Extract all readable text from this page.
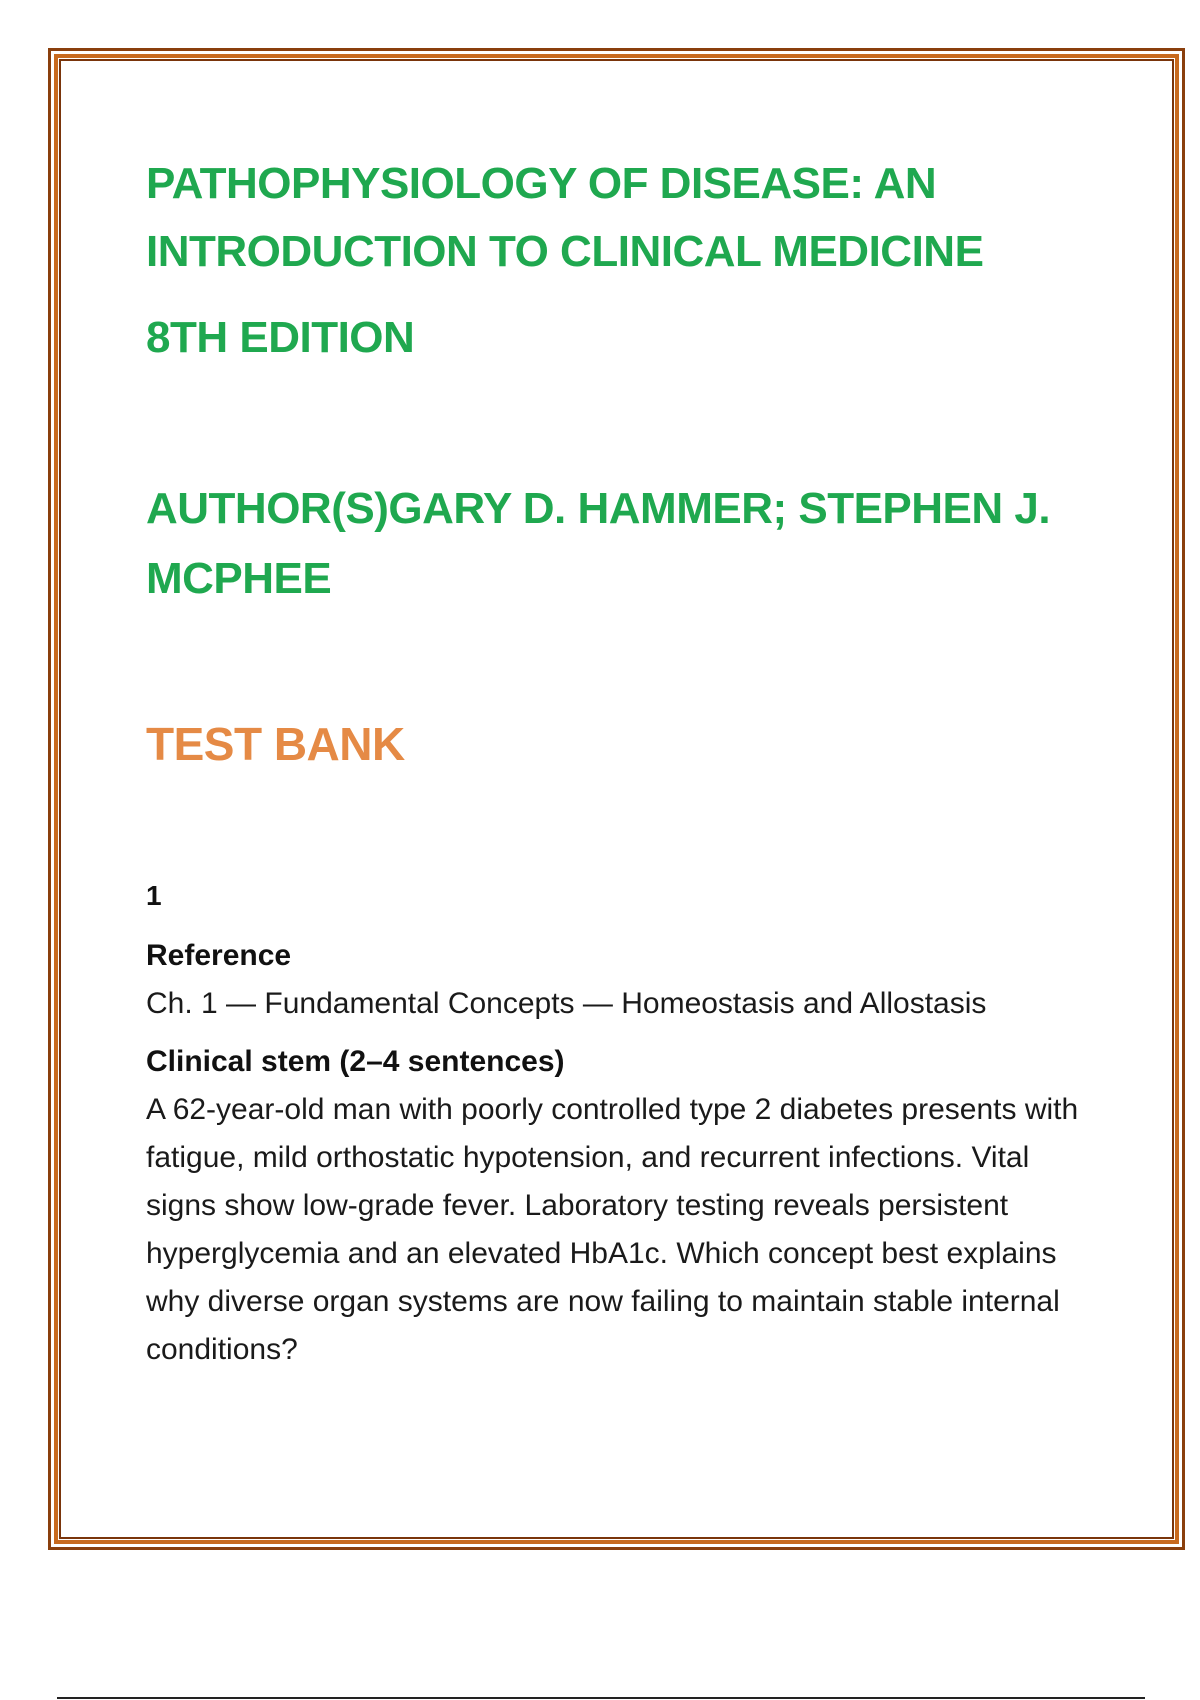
PATHOPHYSIOLOGY OF DISEASE: AN INTRODUCTION TO CLINICAL MEDICINE

8TH EDITION

AUTHOR(S)GARY D. HAMMER; STEPHEN J. MCPHEE

TEST BANK

1

Reference

Ch. 1 — Fundamental Concepts — Homeostasis and Allostasis

Clinical stem (2–4 sentences)

A 62-year-old man with poorly controlled type 2 diabetes presents with fatigue, mild orthostatic hypotension, and recurrent infections. Vital signs show low-grade fever. Laboratory testing reveals persistent hyperglycemia and an elevated HbA1c. Which concept best explains why diverse organ systems are now failing to maintain stable internal conditions?
